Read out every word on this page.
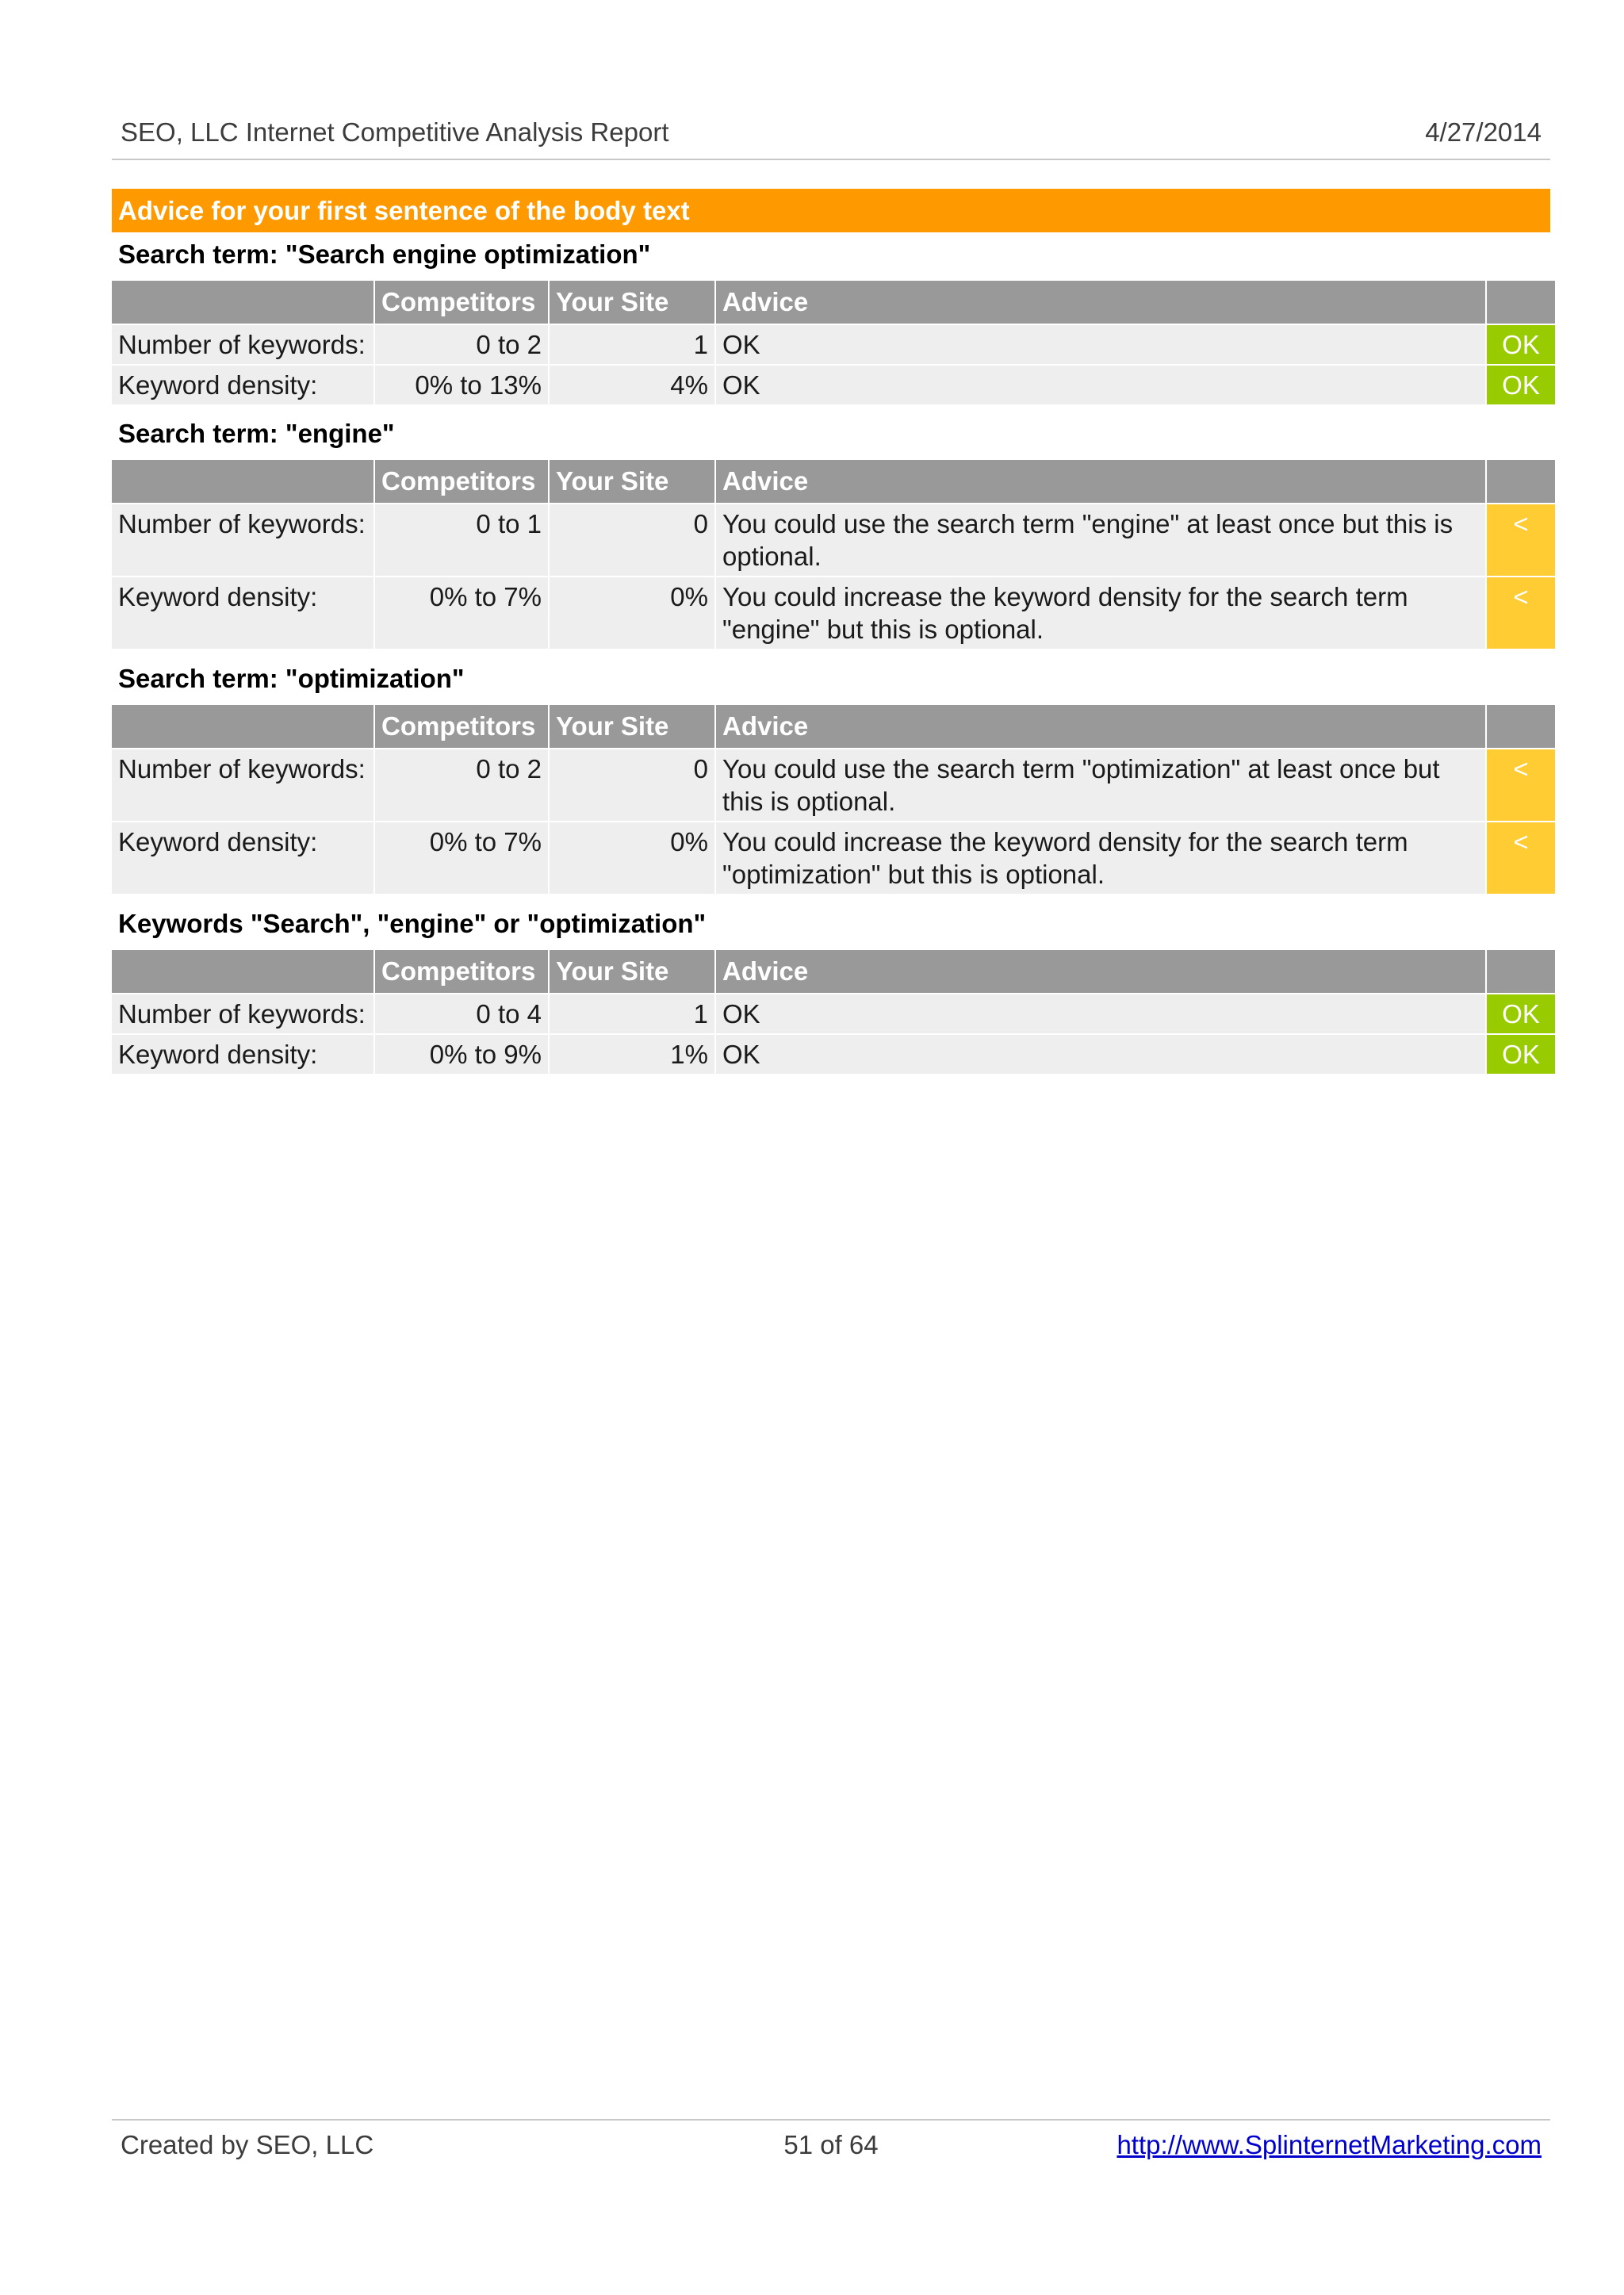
SEO, LLC Internet Competitive Analysis Report	4/27/2014
Advice for your first sentence of the body text
Search term: "Search engine optimization"
	Competitors	Your Site	Advice	
Number of keywords:	0 to 2	1	OK	OK
Keyword density:	0% to 13%	4%	OK	OK
Search term: "engine"
	Competitors	Your Site	Advice	
Number of keywords:	0 to 1	0	You could use the search term "engine" at least once but this is optional.	<
Keyword density:	0% to 7%	0%	You could increase the keyword density for the search term "engine" but this is optional.	<
Search term: "optimization"
	Competitors	Your Site	Advice	
Number of keywords:	0 to 2	0	You could use the search term "optimization" at least once but this is optional.	<
Keyword density:	0% to 7%	0%	You could increase the keyword density for the search term "optimization" but this is optional.	<
Keywords "Search", "engine" or "optimization"
	Competitors	Your Site	Advice	
Number of keywords:	0 to 4	1	OK	OK
Keyword density:	0% to 9%	1%	OK	OK
Created by SEO, LLC	51 of 64	http://www.SplinternetMarketing.com
